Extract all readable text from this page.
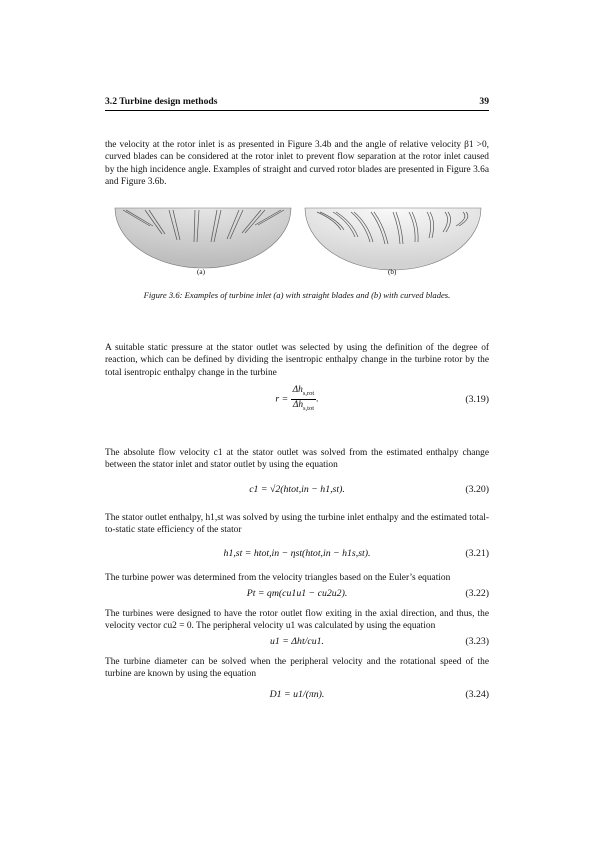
3.2 Turbine design methods	39

the velocity at the rotor inlet is as presented in Figure 3.4b and the angle of relative velocity β1 >0, curved blades can be considered at the rotor inlet to prevent flow separation at the rotor inlet caused by the high incidence angle. Examples of straight and curved rotor blades are presented in Figure 3.6a and Figure 3.6b.

(a)	(b)
Figure 3.6: Examples of turbine inlet (a) with straight blades and (b) with curved blades.

A suitable static pressure at the stator outlet was selected by using the definition of the degree of reaction, which can be defined by dividing the isentropic enthalpy change in the turbine rotor by the total isentropic enthalpy change in the turbine

$r = \frac{\Delta h_{s,rot}}{\Delta h_{s,tot}}$ .	(3.19)

The absolute flow velocity c1 at the stator outlet was solved from the estimated enthalpy change between the stator inlet and stator outlet by using the equation

c1 = √2(htot,in − h1,st).	(3.20)

The stator outlet enthalpy, h1,st was solved by using the turbine inlet enthalpy and the estimated total-to-static state efficiency of the stator

h1,st = htot,in − ηst(htot,in − h1s,st).	(3.21)

The turbine power was determined from the velocity triangles based on the Euler’s equation

Pt = qm(cu1u1 − cu2u2).	(3.22)

The turbines were designed to have the rotor outlet flow exiting in the axial direction, and thus, the velocity vector cu2 = 0. The peripheral velocity u1 was calculated by using the equation

u1 = Δht/cu1.	(3.23)

The turbine diameter can be solved when the peripheral velocity and the rotational speed of the turbine are known by using the equation

D1 = u1/(πn).	(3.24)
